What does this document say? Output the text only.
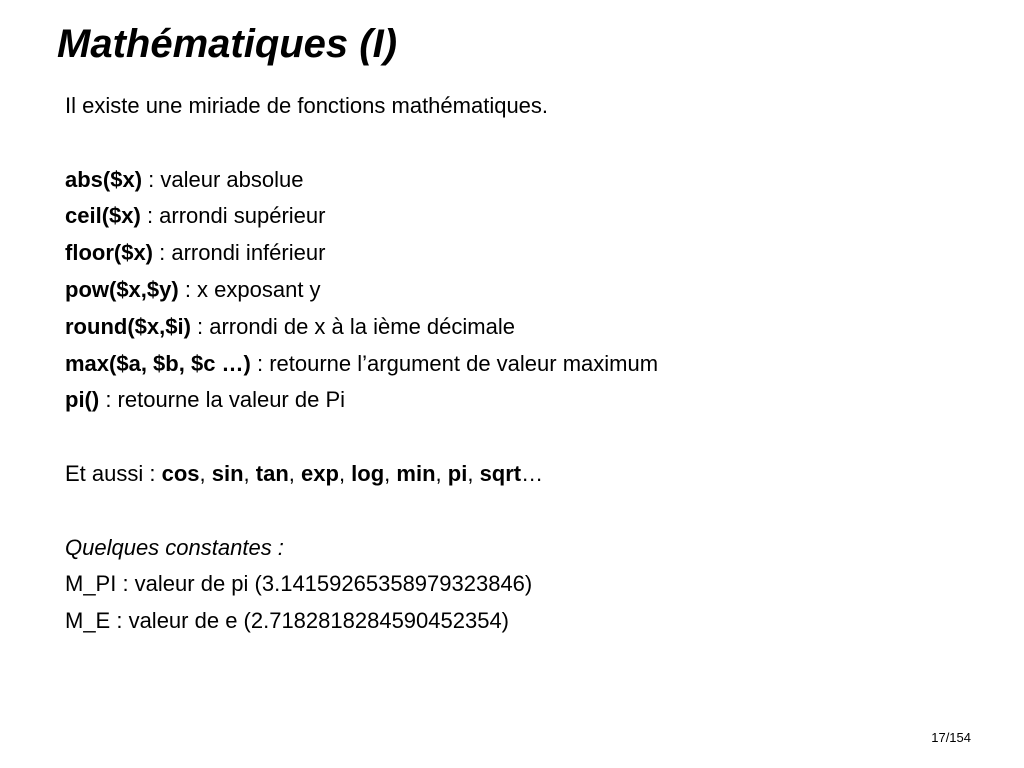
Mathématiques (I)
Il existe une miriade de fonctions mathématiques.
abs($x) : valeur absolue
ceil($x) : arrondi supérieur
floor($x) : arrondi inférieur
pow($x,$y) : x exposant y
round($x,$i) : arrondi de x à la ième décimale
max($a, $b, $c …) : retourne l’argument de valeur maximum
pi() : retourne la valeur de Pi
Et aussi : cos, sin, tan, exp, log, min, pi, sqrt…
Quelques constantes :
M_PI : valeur de pi (3.14159265358979323846)
M_E : valeur de e (2.7182818284590452354)
17/154
